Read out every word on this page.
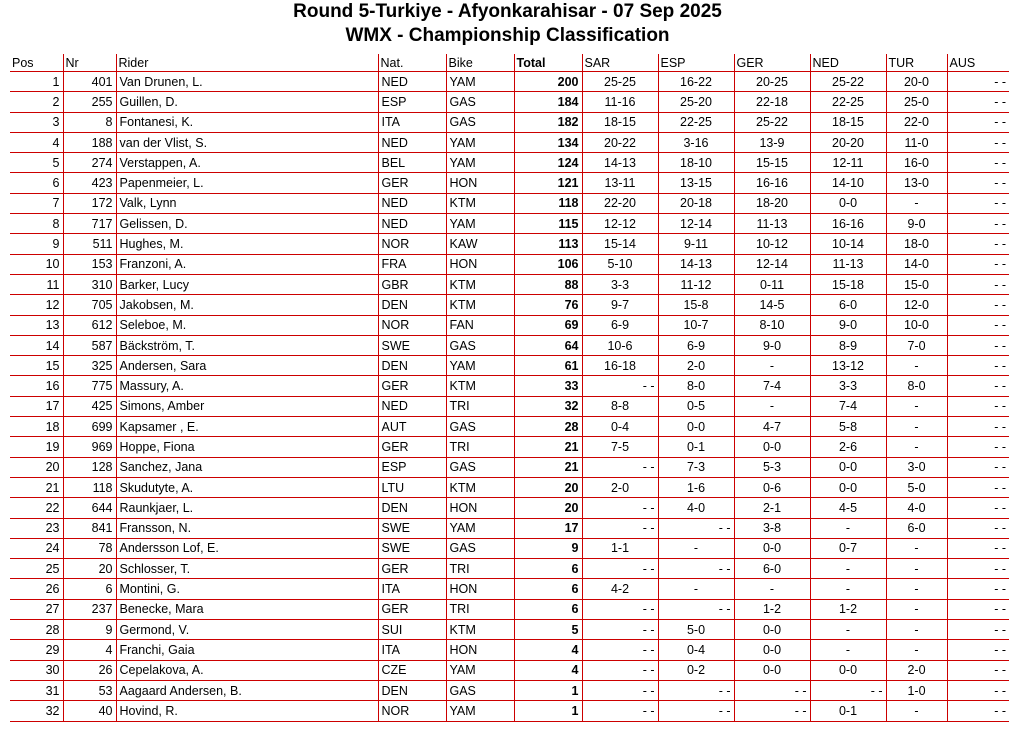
Round 5-Turkiye - Afyonkarahisar - 07 Sep 2025
WMX - Championship Classification
Pos	Nr	Rider	Nat.	Bike	Total	SAR	ESP	GER	NED	TUR	AUS
1	401	Van Drunen, L.	NED	YAM	200	25-25	16-22	20-25	25-22	20-0	- -
2	255	Guillen, D.	ESP	GAS	184	11-16	25-20	22-18	22-25	25-0	- -
3	8	Fontanesi, K.	ITA	GAS	182	18-15	22-25	25-22	18-15	22-0	- -
4	188	van der Vlist, S.	NED	YAM	134	20-22	3-16	13-9	20-20	11-0	- -
5	274	Verstappen, A.	BEL	YAM	124	14-13	18-10	15-15	12-11	16-0	- -
6	423	Papenmeier, L.	GER	HON	121	13-11	13-15	16-16	14-10	13-0	- -
7	172	Valk, Lynn	NED	KTM	118	22-20	20-18	18-20	0-0	-	- -
8	717	Gelissen, D.	NED	YAM	115	12-12	12-14	11-13	16-16	9-0	- -
9	511	Hughes, M.	NOR	KAW	113	15-14	9-11	10-12	10-14	18-0	- -
10	153	Franzoni, A.	FRA	HON	106	5-10	14-13	12-14	11-13	14-0	- -
11	310	Barker, Lucy	GBR	KTM	88	3-3	11-12	0-11	15-18	15-0	- -
12	705	Jakobsen, M.	DEN	KTM	76	9-7	15-8	14-5	6-0	12-0	- -
13	612	Seleboe, M.	NOR	FAN	69	6-9	10-7	8-10	9-0	10-0	- -
14	587	Bäckström, T.	SWE	GAS	64	10-6	6-9	9-0	8-9	7-0	- -
15	325	Andersen, Sara	DEN	YAM	61	16-18	2-0	-	13-12	-	- -
16	775	Massury, A.	GER	KTM	33	- -	8-0	7-4	3-3	8-0	- -
17	425	Simons, Amber	NED	TRI	32	8-8	0-5	-	7-4	-	- -
18	699	Kapsamer , E.	AUT	GAS	28	0-4	0-0	4-7	5-8	-	- -
19	969	Hoppe, Fiona	GER	TRI	21	7-5	0-1	0-0	2-6	-	- -
20	128	Sanchez, Jana	ESP	GAS	21	- -	7-3	5-3	0-0	3-0	- -
21	118	Skudutyte, A.	LTU	KTM	20	2-0	1-6	0-6	0-0	5-0	- -
22	644	Raunkjaer, L.	DEN	HON	20	- -	4-0	2-1	4-5	4-0	- -
23	841	Fransson, N.	SWE	YAM	17	- -	- -	3-8	-	6-0	- -
24	78	Andersson Lof, E.	SWE	GAS	9	1-1	-	0-0	0-7	-	- -
25	20	Schlosser, T.	GER	TRI	6	- -	- -	6-0	-	-	- -
26	6	Montini, G.	ITA	HON	6	4-2	-	-	-	-	- -
27	237	Benecke, Mara	GER	TRI	6	- -	- -	1-2	1-2	-	- -
28	9	Germond, V.	SUI	KTM	5	- -	5-0	0-0	-	-	- -
29	4	Franchi, Gaia	ITA	HON	4	- -	0-4	0-0	-	-	- -
30	26	Cepelakova, A.	CZE	YAM	4	- -	0-2	0-0	0-0	2-0	- -
31	53	Aagaard Andersen, B.	DEN	GAS	1	- -	- -	- -	- -	1-0	- -
32	40	Hovind, R.	NOR	YAM	1	- -	- -	- -	0-1	-	- -
